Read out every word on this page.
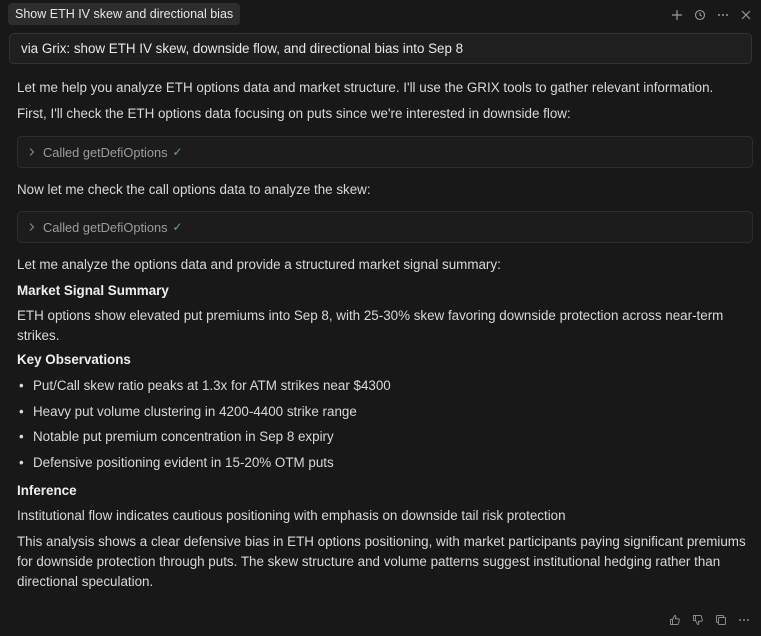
Show ETH IV skew and directional bias
via Grix: show ETH IV skew, downside flow, and directional bias into Sep 8

Let me help you analyze ETH options data and market structure. I'll use the GRIX tools to gather relevant information.

First, I'll check the ETH options data focusing on puts since we're interested in downside flow:

Called getDefiOptions ✓

Now let me check the call options data to analyze the skew:

Called getDefiOptions ✓

Let me analyze the options data and provide a structured market signal summary:

Market Signal Summary

ETH options show elevated put premiums into Sep 8, with 25-30% skew favoring downside protection across near-term strikes.

Key Observations

• Put/Call skew ratio peaks at 1.3x for ATM strikes near $4300
• Heavy put volume clustering in 4200-4400 strike range
• Notable put premium concentration in Sep 8 expiry
• Defensive positioning evident in 15-20% OTM puts

Inference

Institutional flow indicates cautious positioning with emphasis on downside tail risk protection

This analysis shows a clear defensive bias in ETH options positioning, with market participants paying significant premiums for downside protection through puts. The skew structure and volume patterns suggest institutional hedging rather than directional speculation.
